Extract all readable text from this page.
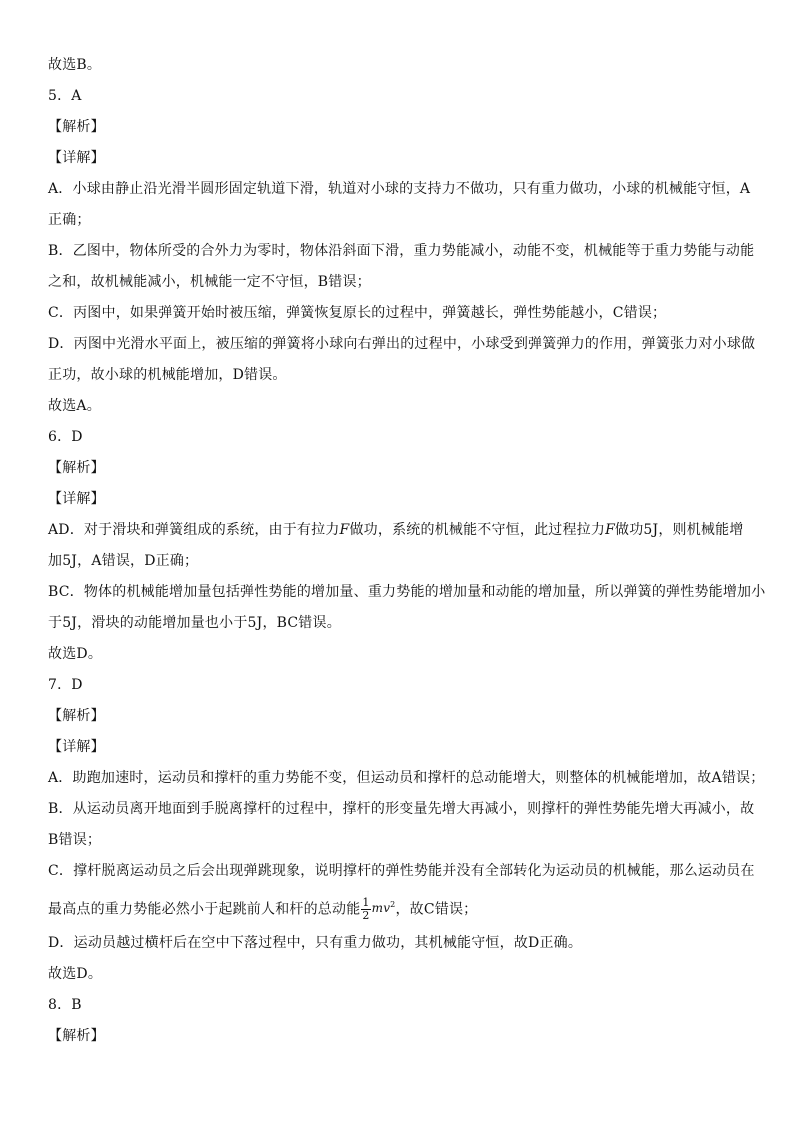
故选B。
5．A
【解析】
【详解】
A．小球由静止沿光滑半圆形固定轨道下滑，轨道对小球的支持力不做功，只有重力做功，小球的机械能守恒，A
正确；
B．乙图中，物体所受的合外力为零时，物体沿斜面下滑，重力势能减小，动能不变，机械能等于重力势能与动能
之和，故机械能减小，机械能一定不守恒，B错误；
C．丙图中，如果弹簧开始时被压缩，弹簧恢复原长的过程中，弹簧越长，弹性势能越小，C错误；
D．丙图中光滑水平面上，被压缩的弹簧将小球向右弹出的过程中，小球受到弹簧弹力的作用，弹簧张力对小球做
正功，故小球的机械能增加，D错误。
故选A。
6．D
【解析】
【详解】
AD．对于滑块和弹簧组成的系统，由于有拉力F做功，系统的机械能不守恒，此过程拉力F做功5J，则机械能增
加5J，A错误，D正确；
BC．物体的机械能增加量包括弹性势能的增加量、重力势能的增加量和动能的增加量，所以弹簧的弹性势能增加小
于5J，滑块的动能增加量也小于5J，BC错误。
故选D。
7．D
【解析】
【详解】
A．助跑加速时，运动员和撑杆的重力势能不变，但运动员和撑杆的总动能增大，则整体的机械能增加，故A错误；
B．从运动员离开地面到手脱离撑杆的过程中，撑杆的形变量先增大再减小，则撑杆的弹性势能先增大再减小，故
B错误；
C．撑杆脱离运动员之后会出现弹跳现象，说明撑杆的弹性势能并没有全部转化为运动员的机械能，那么运动员在
最高点的重力势能必然小于起跳前人和杆的总动能 $\frac{1}{2} mv^2$，故C错误；
D．运动员越过横杆后在空中下落过程中，只有重力做功，其机械能守恒，故D正确。
故选D。
8．B
【解析】
